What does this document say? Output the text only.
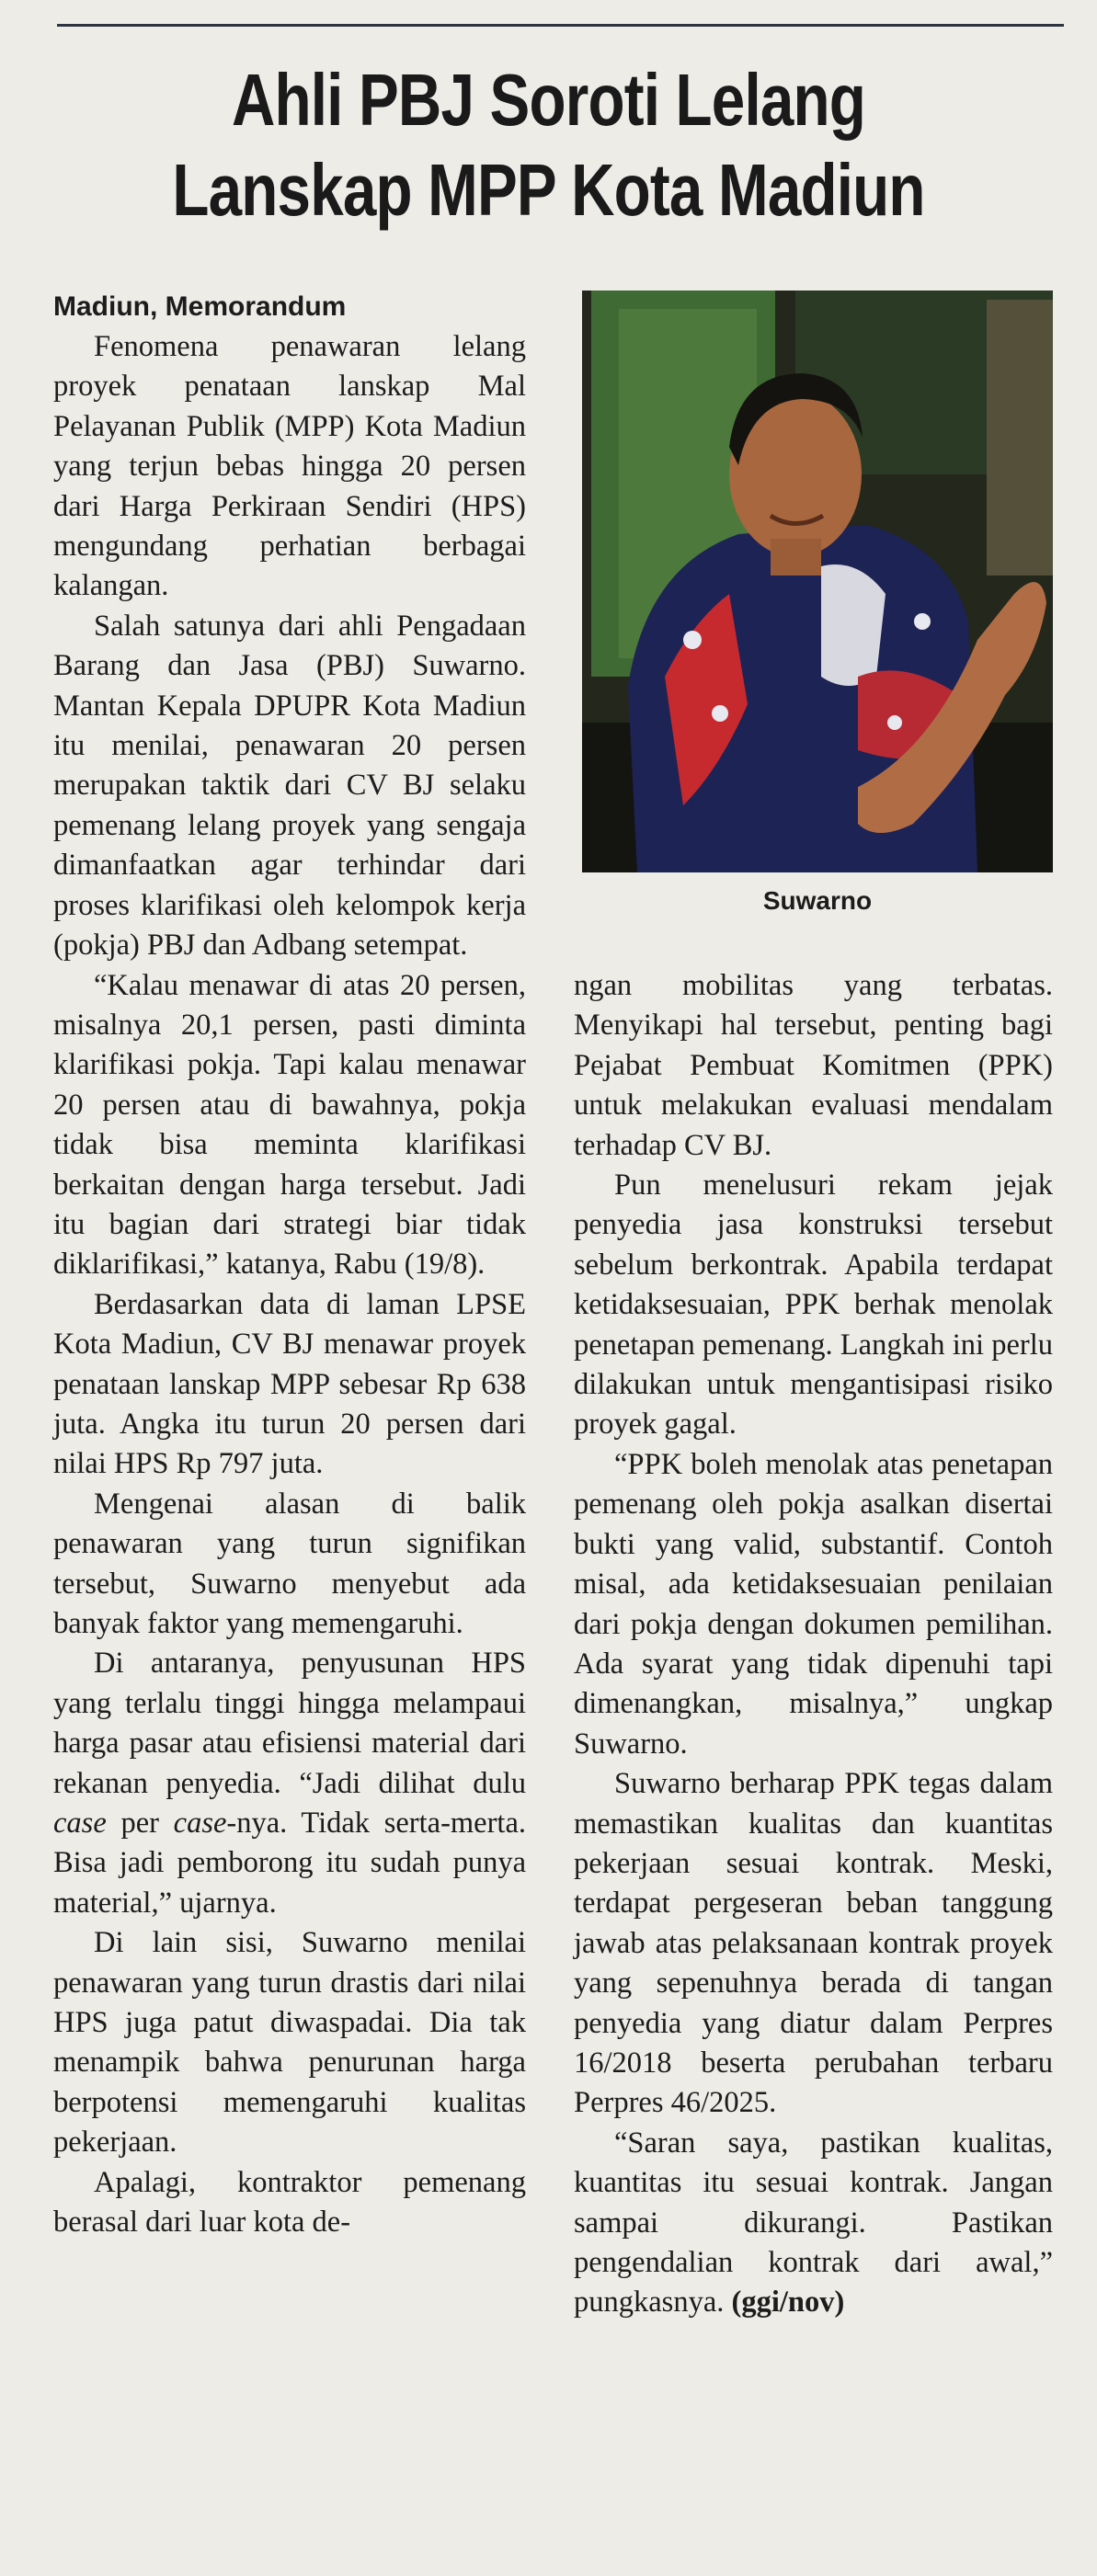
Ahli PBJ Soroti Lelang
Lanskap MPP Kota Madiun
Madiun, Memorandum

Fenomena penawaran lelang proyek penataan lanskap Mal Pelayanan Publik (MPP) Kota Madiun yang terjun bebas hingga 20 persen dari Harga Perkiraan Sendiri (HPS) mengundang perhatian berbagai kalangan.

Salah satunya dari ahli Pengadaan Barang dan Jasa (PBJ) Suwarno. Mantan Kepala DPUPR Kota Madiun itu menilai, penawaran 20 persen merupakan taktik dari CV BJ selaku pemenang lelang proyek yang sengaja dimanfaatkan agar terhindar dari proses klarifikasi oleh kelompok kerja (pokja) PBJ dan Adbang setempat.

“Kalau menawar di atas 20 persen, misalnya 20,1 persen, pasti diminta klarifikasi pokja. Tapi kalau menawar 20 persen atau di bawahnya, pokja tidak bisa meminta klarifikasi berkaitan dengan harga tersebut. Jadi itu bagian dari strategi biar tidak diklarifikasi,” katanya, Rabu (19/8).

Berdasarkan data di laman LPSE Kota Madiun, CV BJ menawar proyek penataan lanskap MPP sebesar Rp 638 juta. Angka itu turun 20 persen dari nilai HPS Rp 797 juta.

Mengenai alasan di balik penawaran yang turun signifikan tersebut, Suwarno menyebut ada banyak faktor yang memengaruhi.

Di antaranya, penyusunan HPS yang terlalu tinggi hingga melampaui harga pasar atau efisiensi material dari rekanan penyedia. “Jadi dilihat dulu case per case-nya. Tidak serta-merta. Bisa jadi pemborong itu sudah punya material,” ujarnya.

Di lain sisi, Suwarno menilai penawaran yang turun drastis dari nilai HPS juga patut diwaspadai. Dia tak menampik bahwa penurunan harga berpotensi memengaruhi kualitas pekerjaan.

Apalagi, kontraktor pemenang berasal dari luar kota de-

Suwarno

ngan mobilitas yang terbatas. Menyikapi hal tersebut, penting bagi Pejabat Pembuat Komitmen (PPK) untuk melakukan evaluasi mendalam terhadap CV BJ.

Pun menelusuri rekam jejak penyedia jasa konstruksi tersebut sebelum berkontrak. Apabila terdapat ketidaksesuaian, PPK berhak menolak penetapan pemenang. Langkah ini perlu dilakukan untuk mengantisipasi risiko proyek gagal.

“PPK boleh menolak atas penetapan pemenang oleh pokja asalkan disertai bukti yang valid, substantif. Contoh misal, ada ketidaksesuaian penilaian dari pokja dengan dokumen pemilihan. Ada syarat yang tidak dipenuhi tapi dimenangkan, misalnya,” ungkap Suwarno.

Suwarno berharap PPK tegas dalam memastikan kualitas dan kuantitas pekerjaan sesuai kontrak. Meski, terdapat pergeseran beban tanggung jawab atas pelaksanaan kontrak proyek yang sepenuhnya berada di tangan penyedia yang diatur dalam Perpres 16/2018 beserta perubahan terbaru Perpres 46/2025.

“Saran saya, pastikan kualitas, kuantitas itu sesuai kontrak. Jangan sampai dikurangi. Pastikan pengendalian kontrak dari awal,” pungkasnya. (ggi/nov)
